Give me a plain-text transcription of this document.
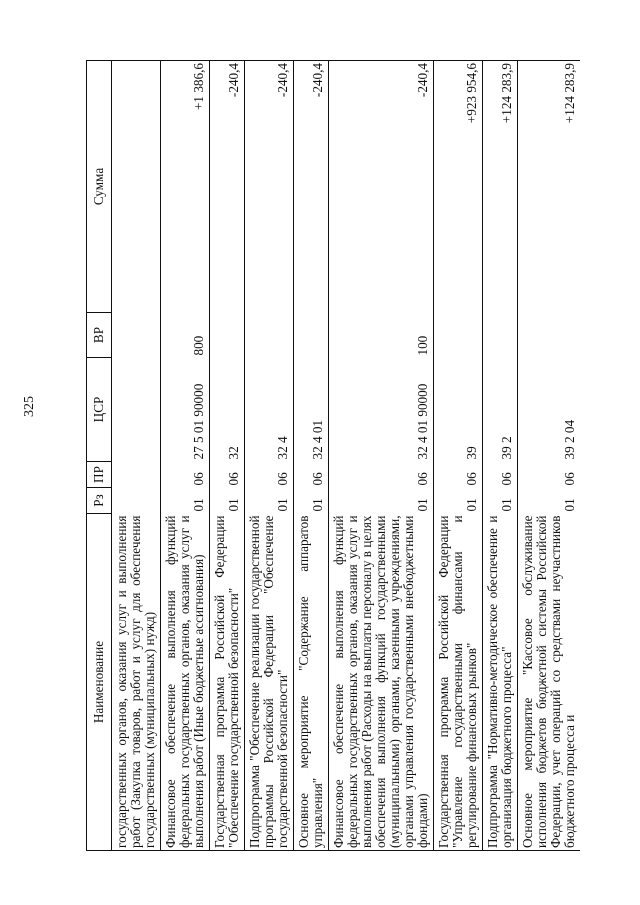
325
Наименование	Рз	ПР	ЦСР	ВР	Сумма
государственных органов, оказания услуг и выполнения работ (Закупка товаров, работ и услуг для обеспечения государственных (муниципальных) нужд)					
Финансовое обеспечение выполнения функций федеральных государственных органов, оказания услуг и выполнения работ (Иные бюджетные ассигнования)	01	06	27 5 01 90000	800	+1 386,6
Государственная программа Российской Федерации "Обеспечение государственной безопасности"	01	06	32		-240,4
Подпрограмма "Обеспечение реализации государственной программы Российской Федерации "Обеспечение государственной безопасности"	01	06	32 4		-240,4
Основное мероприятие "Содержание аппаратов управления"	01	06	32 4 01		-240,4
Финансовое обеспечение выполнения функций федеральных государственных органов, оказания услуг и выполнения работ (Расходы на выплаты персоналу в целях обеспечения выполнения функций государственными (муниципальными) органами, казенными учреждениями, органами управления государственными внебюджетными фондами)	01	06	32 4 01 90000	100	-240,4
Государственная программа Российской Федерации "Управление государственными финансами и регулирование финансовых рынков"	01	06	39		+923 954,6
Подпрограмма "Нормативно-методическое обеспечение и организация бюджетного процесса"	01	06	39 2		+124 283,9
Основное мероприятие "Кассовое обслуживание исполнения бюджетов бюджетной системы Российской Федерации, учет операций со средствами неучастников бюджетного процесса и	01	06	39 2 04		+124 283,9
